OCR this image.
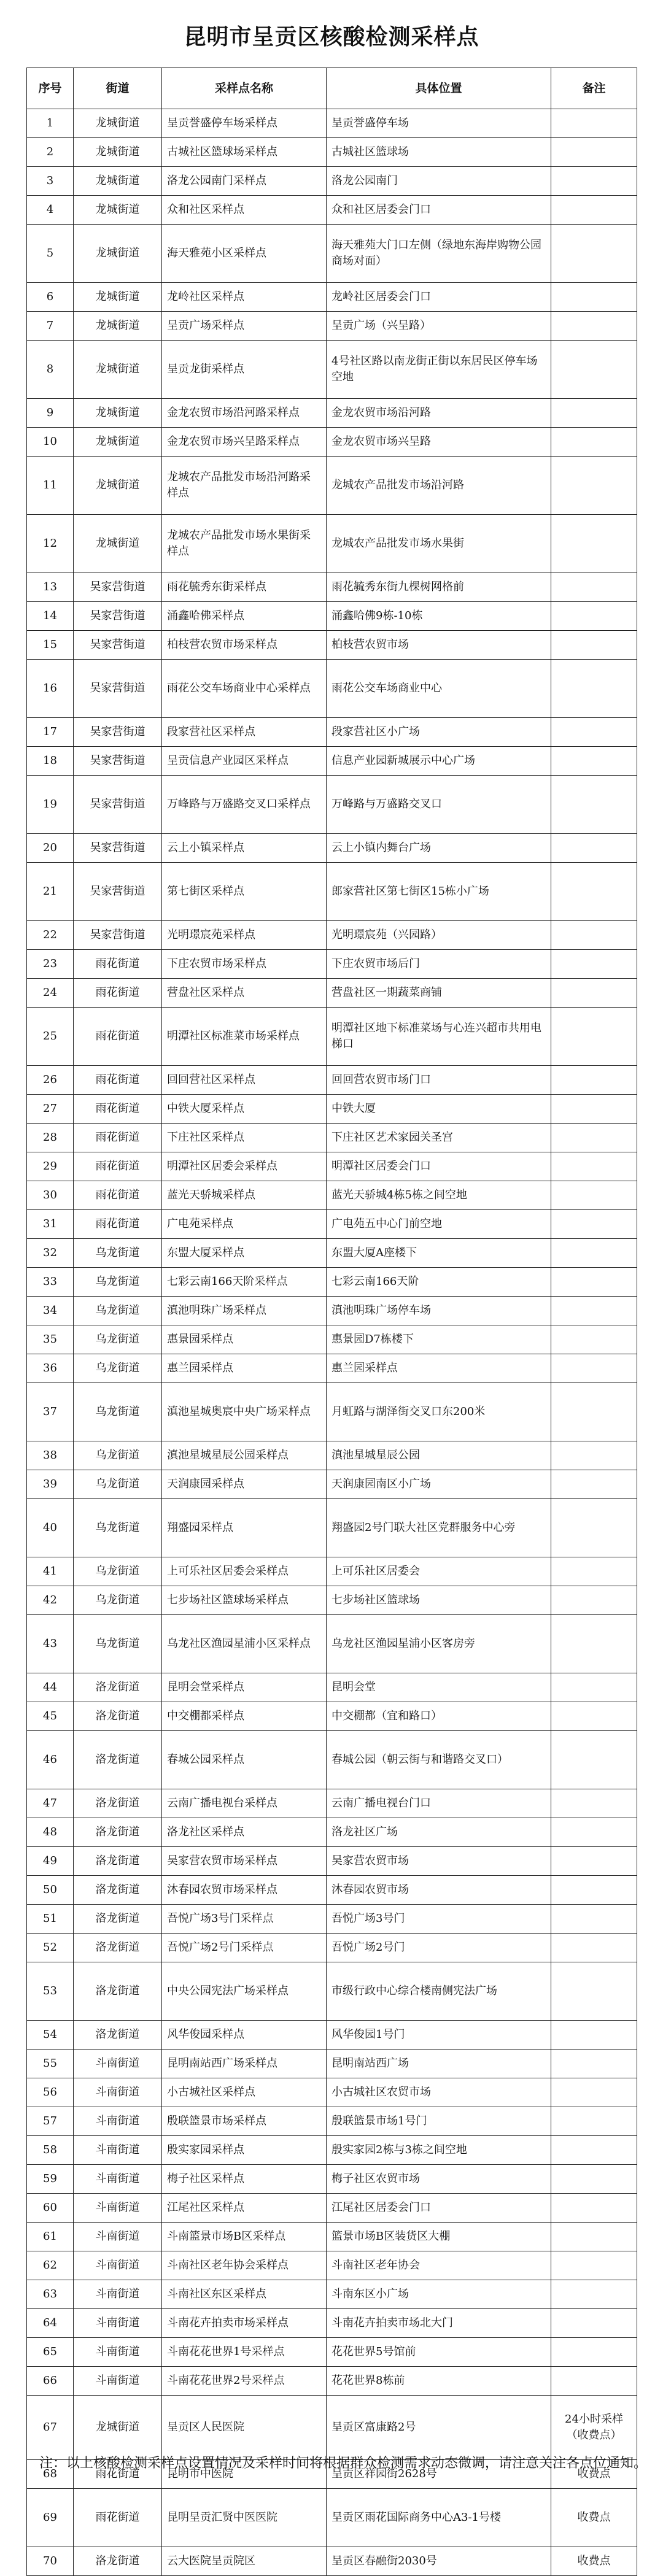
昆明市呈贡区核酸检测采样点
序号	街道	采样点名称	具体位置	备注
1	龙城街道	呈贡誉盛停车场采样点	呈贡誉盛停车场	
2	龙城街道	古城社区篮球场采样点	古城社区篮球场	
3	龙城街道	洛龙公园南门采样点	洛龙公园南门	
4	龙城街道	众和社区采样点	众和社区居委会门口	
5	龙城街道	海天雅苑小区采样点	海天雅苑大门口左侧（绿地东海岸购物公园商场对面）	
6	龙城街道	龙岭社区采样点	龙岭社区居委会门口	
7	龙城街道	呈贡广场采样点	呈贡广场（兴呈路）	
8	龙城街道	呈贡龙街采样点	4号社区路以南龙街正街以东居民区停车场空地	
9	龙城街道	金龙农贸市场沿河路采样点	金龙农贸市场沿河路	
10	龙城街道	金龙农贸市场兴呈路采样点	金龙农贸市场兴呈路	
11	龙城街道	龙城农产品批发市场沿河路采样点	龙城农产品批发市场沿河路	
12	龙城街道	龙城农产品批发市场水果街采样点	龙城农产品批发市场水果街	
13	吴家营街道	雨花毓秀东街采样点	雨花毓秀东街九棵树网格前	
14	吴家营街道	涌鑫哈佛采样点	涌鑫哈佛9栋-10栋	
15	吴家营街道	柏枝营农贸市场采样点	柏枝营农贸市场	
16	吴家营街道	雨花公交车场商业中心采样点	雨花公交车场商业中心	
17	吴家营街道	段家营社区采样点	段家营社区小广场	
18	吴家营街道	呈贡信息产业园区采样点	信息产业园新城展示中心广场	
19	吴家营街道	万峰路与万盛路交叉口采样点	万峰路与万盛路交叉口	
20	吴家营街道	云上小镇采样点	云上小镇内舞台广场	
21	吴家营街道	第七街区采样点	郎家营社区第七街区15栋小广场	
22	吴家营街道	光明璟宸苑采样点	光明璟宸苑（兴园路）	
23	雨花街道	下庄农贸市场采样点	下庄农贸市场后门	
24	雨花街道	营盘社区采样点	营盘社区一期蔬菜商铺	
25	雨花街道	明潭社区标准菜市场采样点	明潭社区地下标准菜场与心连兴超市共用电梯口	
26	雨花街道	回回营社区采样点	回回营农贸市场门口	
27	雨花街道	中铁大厦采样点	中铁大厦	
28	雨花街道	下庄社区采样点	下庄社区艺术家园关圣宫	
29	雨花街道	明潭社区居委会采样点	明潭社区居委会门口	
30	雨花街道	蓝光天骄城采样点	蓝光天骄城4栋5栋之间空地	
31	雨花街道	广电苑采样点	广电苑五中心门前空地	
32	乌龙街道	东盟大厦采样点	东盟大厦A座楼下	
33	乌龙街道	七彩云南166天阶采样点	七彩云南166天阶	
34	乌龙街道	滇池明珠广场采样点	滇池明珠广场停车场	
35	乌龙街道	惠景园采样点	惠景园D7栋楼下	
36	乌龙街道	惠兰园采样点	惠兰园采样点	
37	乌龙街道	滇池星城奥宸中央广场采样点	月虹路与湖泽街交叉口东200米	
38	乌龙街道	滇池星城星辰公园采样点	滇池星城星辰公园	
39	乌龙街道	天润康园采样点	天润康园南区小广场	
40	乌龙街道	翔盛园采样点	翔盛园2号门联大社区党群服务中心旁	
41	乌龙街道	上可乐社区居委会采样点	上可乐社区居委会	
42	乌龙街道	七步场社区篮球场采样点	七步场社区篮球场	
43	乌龙街道	乌龙社区渔园星浦小区采样点	乌龙社区渔园星浦小区客房旁	
44	洛龙街道	昆明会堂采样点	昆明会堂	
45	洛龙街道	中交棚都采样点	中交棚都（宜和路口）	
46	洛龙街道	春城公园采样点	春城公园（朝云街与和谐路交叉口）	
47	洛龙街道	云南广播电视台采样点	云南广播电视台门口	
48	洛龙街道	洛龙社区采样点	洛龙社区广场	
49	洛龙街道	吴家营农贸市场采样点	吴家营农贸市场	
50	洛龙街道	沐春园农贸市场采样点	沐春园农贸市场	
51	洛龙街道	吾悦广场3号门采样点	吾悦广场3号门	
52	洛龙街道	吾悦广场2号门采样点	吾悦广场2号门	
53	洛龙街道	中央公园宪法广场采样点	市级行政中心综合楼南侧宪法广场	
54	洛龙街道	风华俊园采样点	风华俊园1号门	
55	斗南街道	昆明南站西广场采样点	昆明南站西广场	
56	斗南街道	小古城社区采样点	小古城社区农贸市场	
57	斗南街道	殷联篮景市场采样点	殷联篮景市场1号门	
58	斗南街道	殷实家园采样点	殷实家园2栋与3栋之间空地	
59	斗南街道	梅子社区采样点	梅子社区农贸市场	
60	斗南街道	江尾社区采样点	江尾社区居委会门口	
61	斗南街道	斗南篮景市场B区采样点	篮景市场B区装货区大棚	
62	斗南街道	斗南社区老年协会采样点	斗南社区老年协会	
63	斗南街道	斗南社区东区采样点	斗南东区小广场	
64	斗南街道	斗南花卉拍卖市场采样点	斗南花卉拍卖市场北大门	
65	斗南街道	斗南花花世界1号采样点	花花世界5号馆前	
66	斗南街道	斗南花花世界2号采样点	花花世界8栋前	
67	龙城街道	呈贡区人民医院	呈贡区富康路2号	24小时采样（收费点）
68	雨花街道	昆明市中医院	呈贡区祥园街2628号	收费点
69	雨花街道	昆明呈贡汇贤中医医院	呈贡区雨花国际商务中心A3-1号楼	收费点
70	洛龙街道	云大医院呈贡院区	呈贡区春融街2030号	收费点
注：以上核酸检测采样点设置情况及采样时间将根据群众检测需求动态微调，请注意关注各点位通知。
